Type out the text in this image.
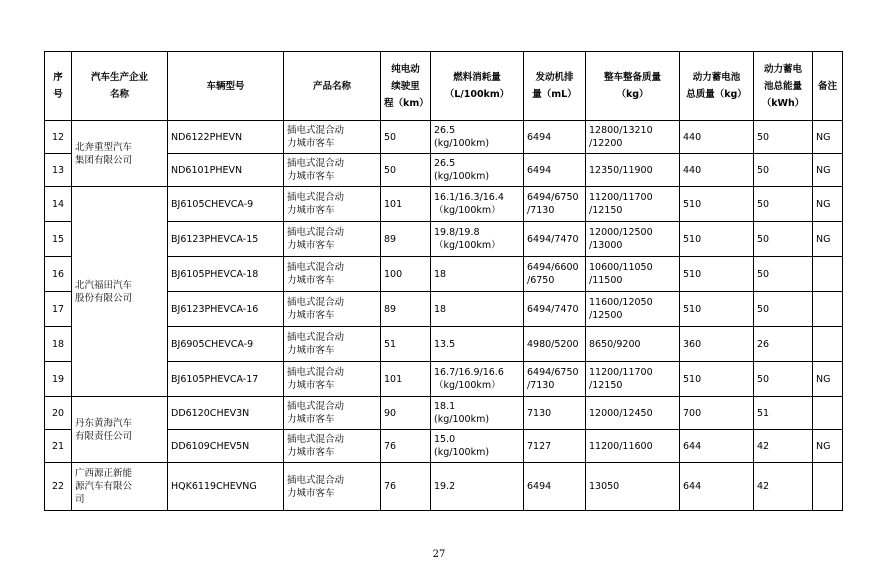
序
号	汽车生产企业
名称	车辆型号	产品名称	纯电动
续驶里
程（km）	燃料消耗量
（L/100km）	发动机排
量（mL）	整车整备质量
（kg）	动力蓄电池
总质量（kg）	动力蓄电
池总能量
（kWh）	备注

12	北奔重型汽车
集团有限公司	ND6122PHEVN	插电式混合动
力城市客车	50	26.5
(kg/100km)	6494	12800/13210
/12200	440	50	NG
13		ND6101PHEVN	插电式混合动
力城市客车	50	26.5
(kg/100km)	6494	12350/11900	440	50	NG
14	北汽福田汽车
股份有限公司	BJ6105CHEVCA-9	插电式混合动
力城市客车	101	16.1/16.3/16.4
（kg/100km）	6494/6750
/7130	11200/11700
/12150	510	50	NG
15		BJ6123PHEVCA-15	插电式混合动
力城市客车	89	19.8/19.8
（kg/100km）	6494/7470	12000/12500
/13000	510	50	NG
16		BJ6105PHEVCA-18	插电式混合动
力城市客车	100	18	6494/6600
/6750	10600/11050
/11500	510	50	
17		BJ6123PHEVCA-16	插电式混合动
力城市客车	89	18	6494/7470	11600/12050
/12500	510	50	
18		BJ6905CHEVCA-9	插电式混合动
力城市客车	51	13.5	4980/5200	8650/9200	360	26	
19		BJ6105PHEVCA-17	插电式混合动
力城市客车	101	16.7/16.9/16.6
（kg/100km）	6494/6750
/7130	11200/11700
/12150	510	50	NG
20	丹东黄海汽车
有限责任公司	DD6120CHEV3N	插电式混合动
力城市客车	90	18.1
(kg/100km)	7130	12000/12450	700	51	
21		DD6109CHEV5N	插电式混合动
力城市客车	76	15.0
(kg/100km)	7127	11200/11600	644	42	NG
22	广西源正新能
源汽车有限公
司	HQK6119CHEVNG	插电式混合动
力城市客车	76	19.2	6494	13050	644	42	
27
